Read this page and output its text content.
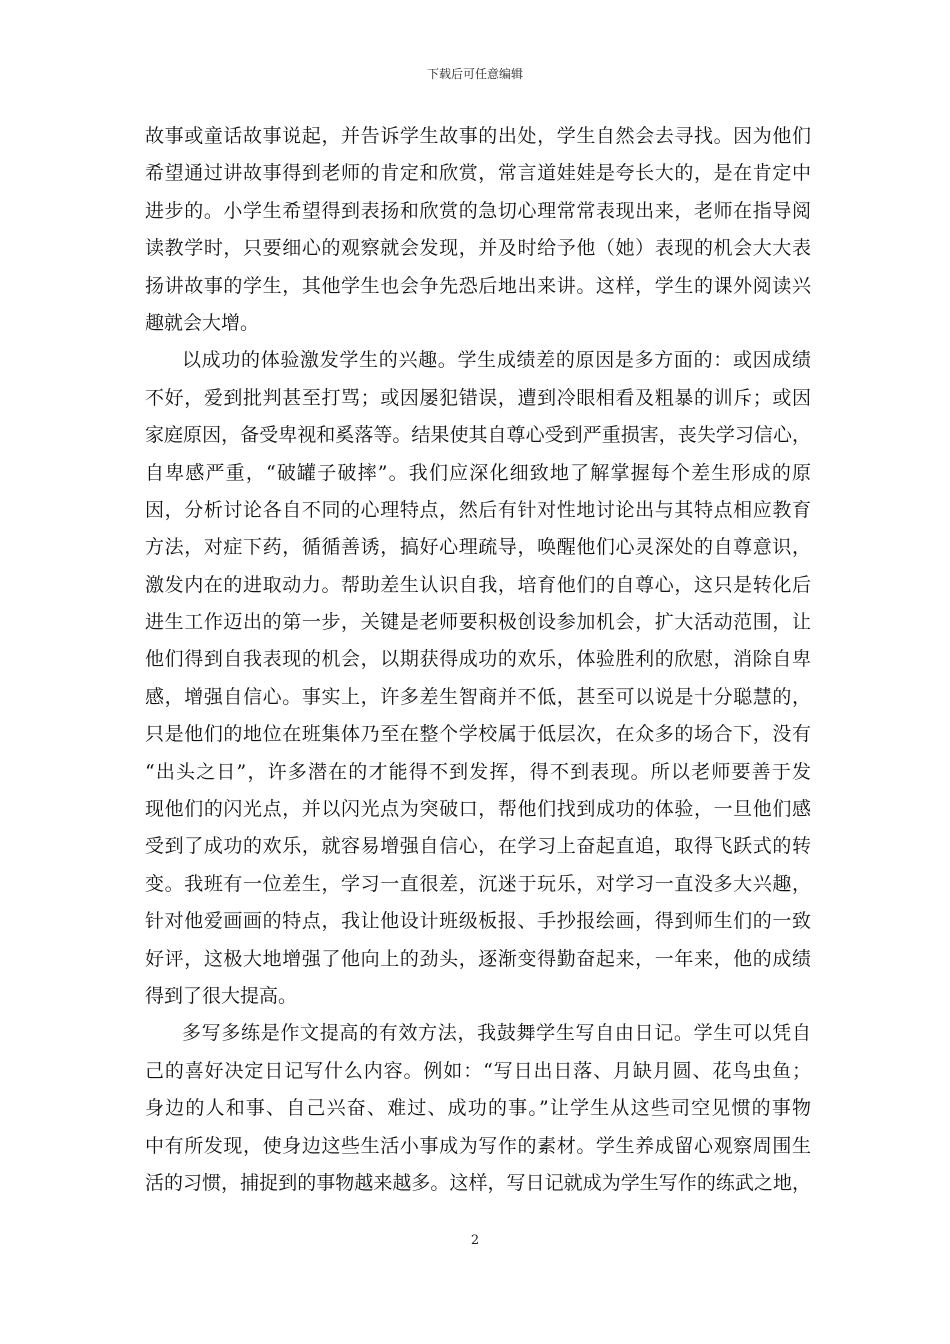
下载后可任意编辑
故事或童话故事说起，并告诉学生故事的出处，学生自然会去寻找。因为他们
希望通过讲故事得到老师的肯定和欣赏，常言道娃娃是夸长大的，是在肯定中
进步的。小学生希望得到表扬和欣赏的急切心理常常表现出来，老师在指导阅
读教学时，只要细心的观察就会发现，并及时给予他（她）表现的机会大大表
扬讲故事的学生，其他学生也会争先恐后地出来讲。这样，学生的课外阅读兴
趣就会大增。
以成功的体验激发学生的兴趣。学生成绩差的原因是多方面的：或因成绩
不好，爱到批判甚至打骂；或因屡犯错误，遭到冷眼相看及粗暴的训斥；或因
家庭原因，备受卑视和奚落等。结果使其自尊心受到严重损害，丧失学习信心，
自卑感严重，“破罐子破摔”。我们应深化细致地了解掌握每个差生形成的原
因，分析讨论各自不同的心理特点，然后有针对性地讨论出与其特点相应教育
方法，对症下药，循循善诱，搞好心理疏导，唤醒他们心灵深处的自尊意识，
激发内在的进取动力。帮助差生认识自我，培育他们的自尊心，这只是转化后
进生工作迈出的第一步，关键是老师要积极创设参加机会，扩大活动范围，让
他们得到自我表现的机会，以期获得成功的欢乐，体验胜利的欣慰，消除自卑
感，增强自信心。事实上，许多差生智商并不低，甚至可以说是十分聪慧的，
只是他们的地位在班集体乃至在整个学校属于低层次，在众多的场合下，没有
“出头之日”，许多潜在的才能得不到发挥，得不到表现。所以老师要善于发
现他们的闪光点，并以闪光点为突破口，帮他们找到成功的体验，一旦他们感
受到了成功的欢乐，就容易增强自信心，在学习上奋起直追，取得飞跃式的转
变。我班有一位差生，学习一直很差，沉迷于玩乐，对学习一直没多大兴趣，
针对他爱画画的特点，我让他设计班级板报、手抄报绘画，得到师生们的一致
好评，这极大地增强了他向上的劲头，逐渐变得勤奋起来，一年来，他的成绩
得到了很大提高。
多写多练是作文提高的有效方法，我鼓舞学生写自由日记。学生可以凭自
己的喜好决定日记写什么内容。例如：“写日出日落、月缺月圆、花鸟虫鱼；
身边的人和事、自己兴奋、难过、成功的事。”让学生从这些司空见惯的事物
中有所发现，使身边这些生活小事成为写作的素材。学生养成留心观察周围生
活的习惯，捕捉到的事物越来越多。这样，写日记就成为学生写作的练武之地，
2
